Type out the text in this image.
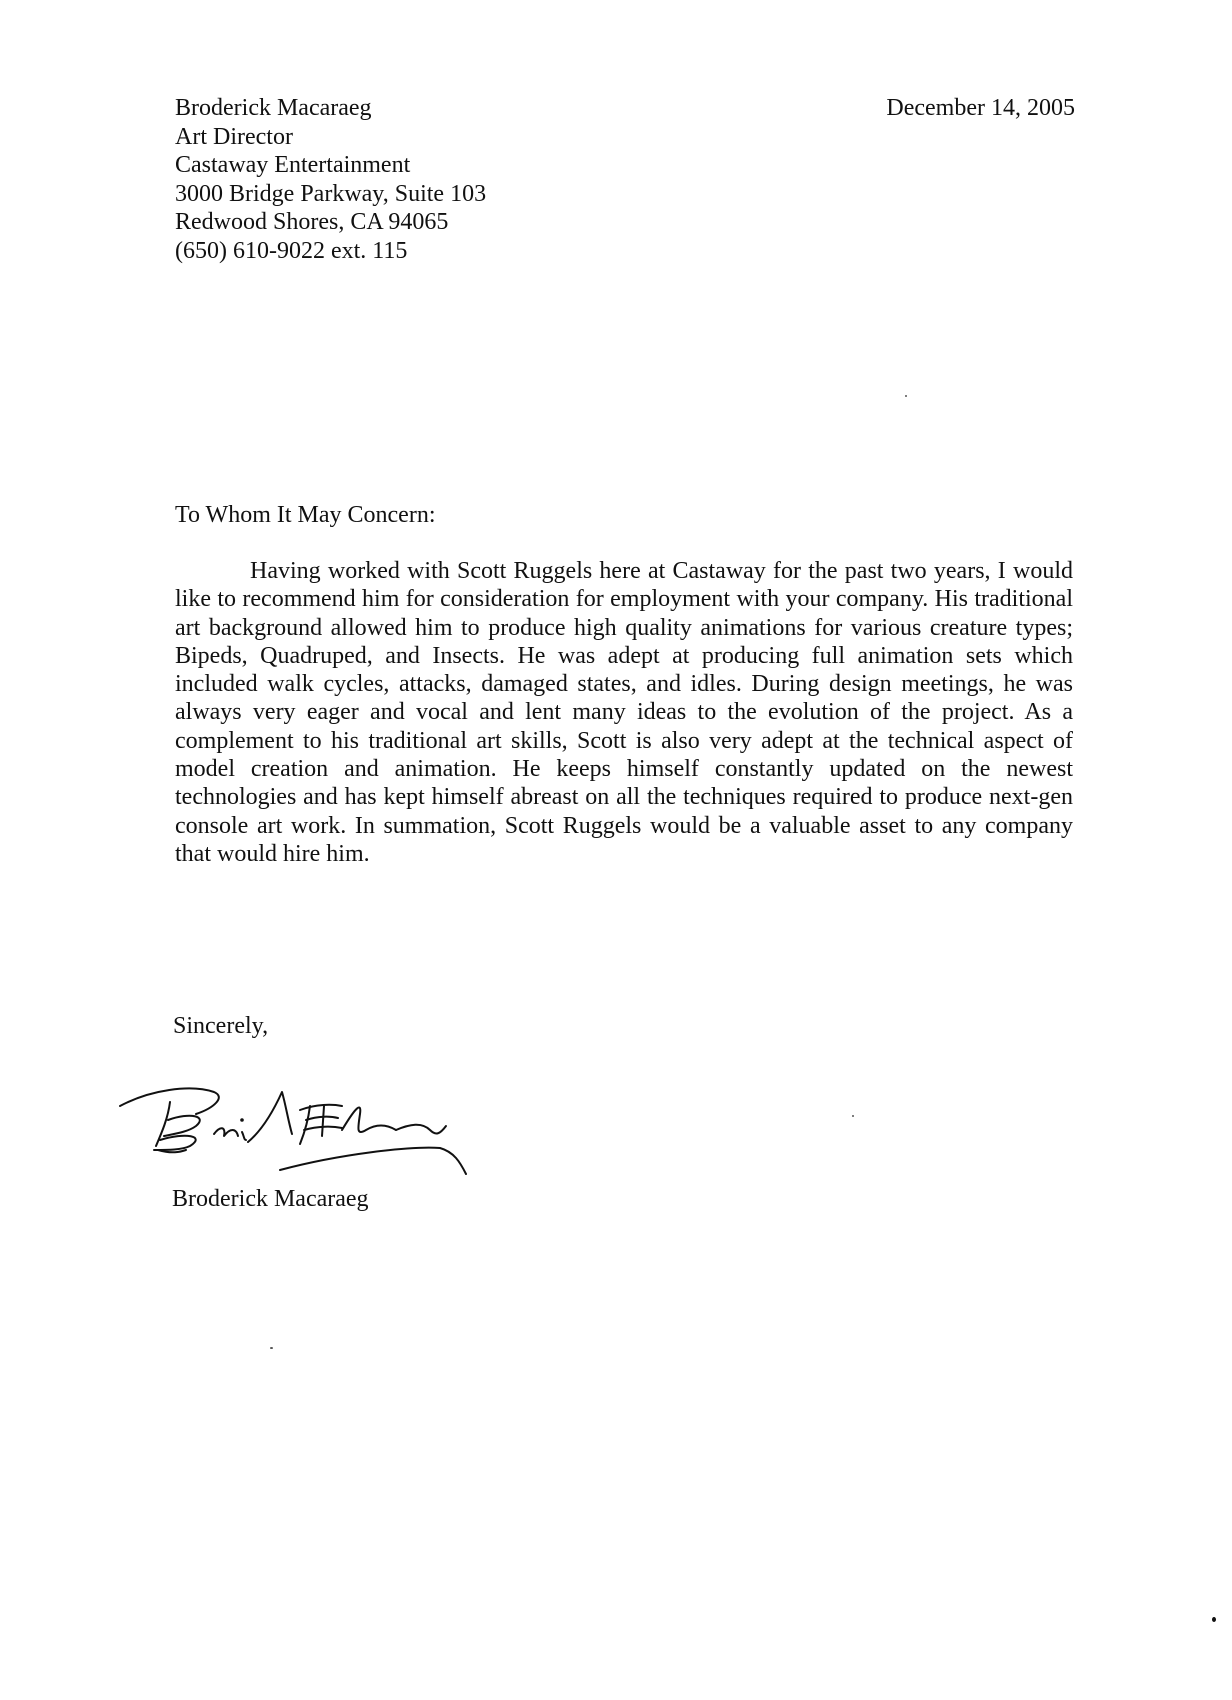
Broderick Macaraeg
Art Director
Castaway Entertainment
3000 Bridge Parkway, Suite 103
Redwood Shores, CA 94065
(650) 610-9022 ext. 115
December 14, 2005
To Whom It May Concern:

Having worked with Scott Ruggels here at Castaway for the past two years, I would like to recommend him for consideration for employment with your company. His traditional art background allowed him to produce high quality animations for various creature types; Bipeds, Quadruped, and Insects. He was adept at producing full animation sets which included walk cycles, attacks, damaged states, and idles. During design meetings, he was always very eager and vocal and lent many ideas to the evolution of the project. As a complement to his traditional art skills, Scott is also very adept at the technical aspect of model creation and animation. He keeps himself constantly updated on the newest technologies and has kept himself abreast on all the techniques required to produce next-gen console art work. In summation, Scott Ruggels would be a valuable asset to any company that would hire him.

Sincerely,
Broderick Macaraeg
